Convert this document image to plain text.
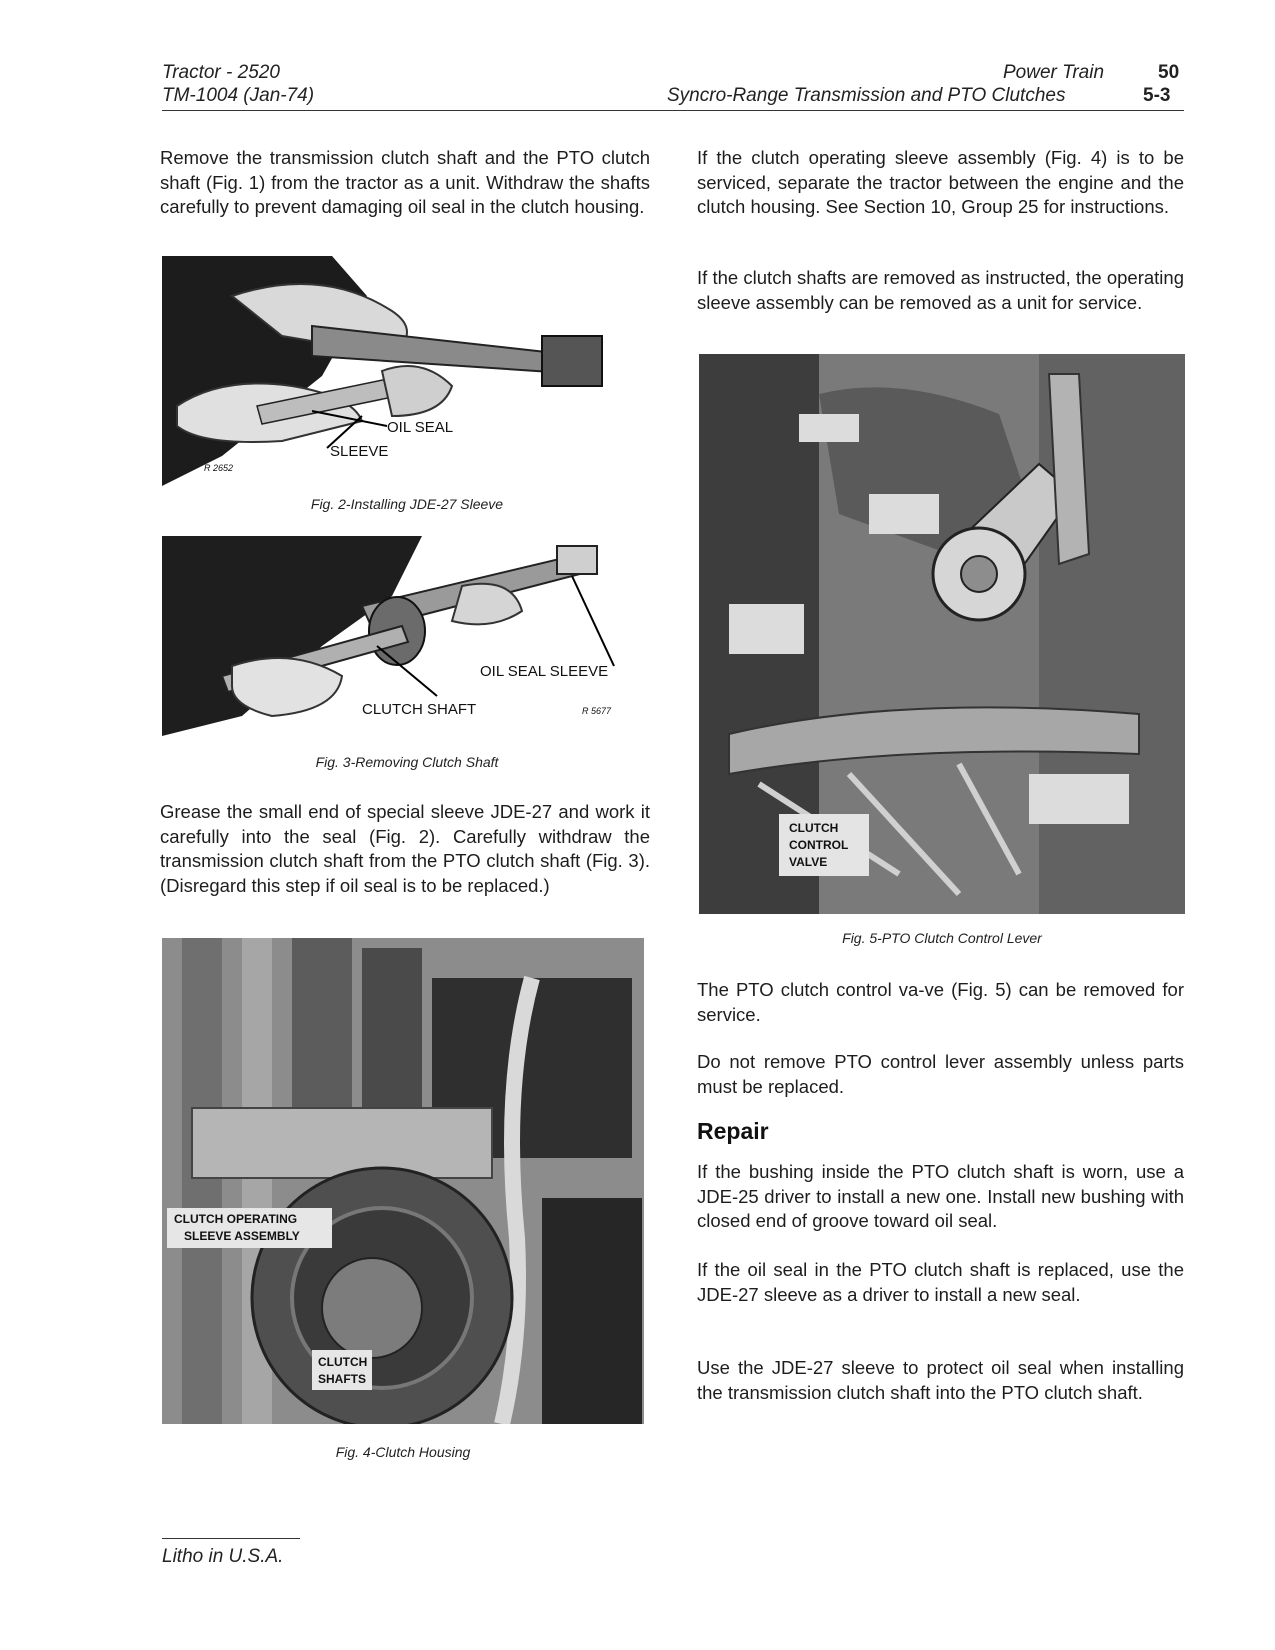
Tractor - 2520
TM-1004 (Jan-74)
Power Train	50
Syncro-Range Transmission and PTO Clutches	5-3

Remove the transmission clutch shaft and the PTO clutch shaft (Fig. 1) from the tractor as a unit. Withdraw the shafts carefully to prevent damaging oil seal in the clutch housing.

OIL SEAL
SLEEVE
R 2652
Fig. 2-Installing JDE-27 Sleeve
OIL SEAL SLEEVE
CLUTCH SHAFT	R 5677
Fig. 3-Removing Clutch Shaft

Grease the small end of special sleeve JDE-27 and work it carefully into the seal (Fig. 2). Carefully withdraw the transmission clutch shaft from the PTO clutch shaft (Fig. 3). (Disregard this step if oil seal is to be replaced.)

CLUTCH OPERATING
SLEEVE ASSEMBLY
CLUTCH
SHAFTS
Fig. 4-Clutch Housing

If the clutch operating sleeve assembly (Fig. 4) is to be serviced, separate the tractor between the engine and the clutch housing. See Section 10, Group 25 for instructions.

If the clutch shafts are removed as instructed, the operating sleeve assembly can be removed as a unit for service.

CLUTCH
CONTROL
VALVE
Fig. 5-PTO Clutch Control Lever

The PTO clutch control va-ve (Fig. 5) can be removed for service.

Do not remove PTO control lever assembly unless parts must be replaced.

Repair

If the bushing inside the PTO clutch shaft is worn, use a JDE-25 driver to install a new one. Install new bushing with closed end of groove toward oil seal.

If the oil seal in the PTO clutch shaft is replaced, use the JDE-27 sleeve as a driver to install a new seal.

Use the JDE-27 sleeve to protect oil seal when installing the transmission clutch shaft into the PTO clutch shaft.

Litho in U.S.A.
